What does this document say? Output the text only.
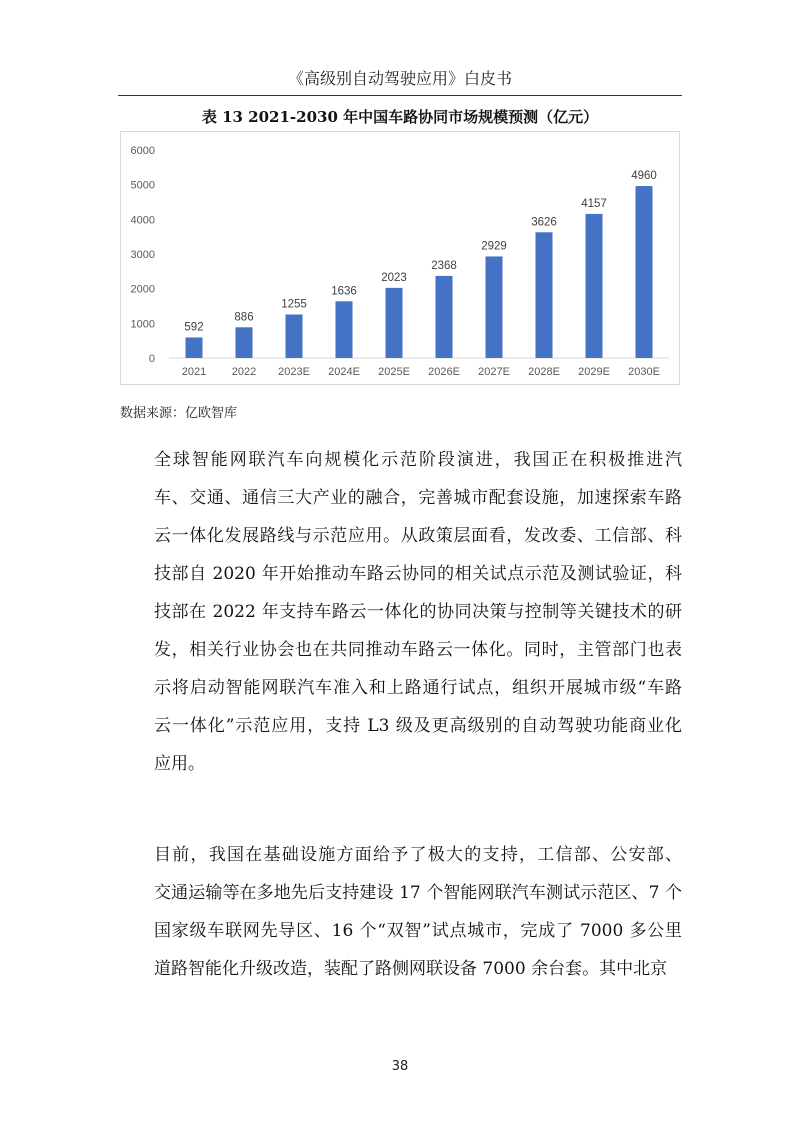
《高级别自动驾驶应用》白皮书
表 13 2021-2030 年中国车路协同市场规模预测（亿元）
0
1000
2000
3000
4000
5000
6000
592
2021
886
2022
1255
2023E
1636
2024E
2023
2025E
2368
2026E
2929
2027E
3626
2028E
4157
2029E
4960
2030E
数据来源：亿欧智库
全球智能网联汽车向规模化示范阶段演进，我国正在积极推进汽
车、交通、通信三大产业的融合，完善城市配套设施，加速探索车路
云一体化发展路线与示范应用。从政策层面看，发改委、工信部、科
技部自 2020 年开始推动车路云协同的相关试点示范及测试验证，科
技部在 2022 年支持车路云一体化的协同决策与控制等关键技术的研
发，相关行业协会也在共同推动车路云一体化。同时，主管部门也表
示将启动智能网联汽车准入和上路通行试点，组织开展城市级“车路
云一体化”示范应用，支持 L3 级及更高级别的自动驾驶功能商业化
应用。
目前，我国在基础设施方面给予了极大的支持，工信部、公安部、
交通运输等在多地先后支持建设 17 个智能网联汽车测试示范区、7 个
国家级车联网先导区、16 个“双智”试点城市，完成了 7000 多公里
道路智能化升级改造，装配了路侧网联设备 7000 余台套。其中北京
38
